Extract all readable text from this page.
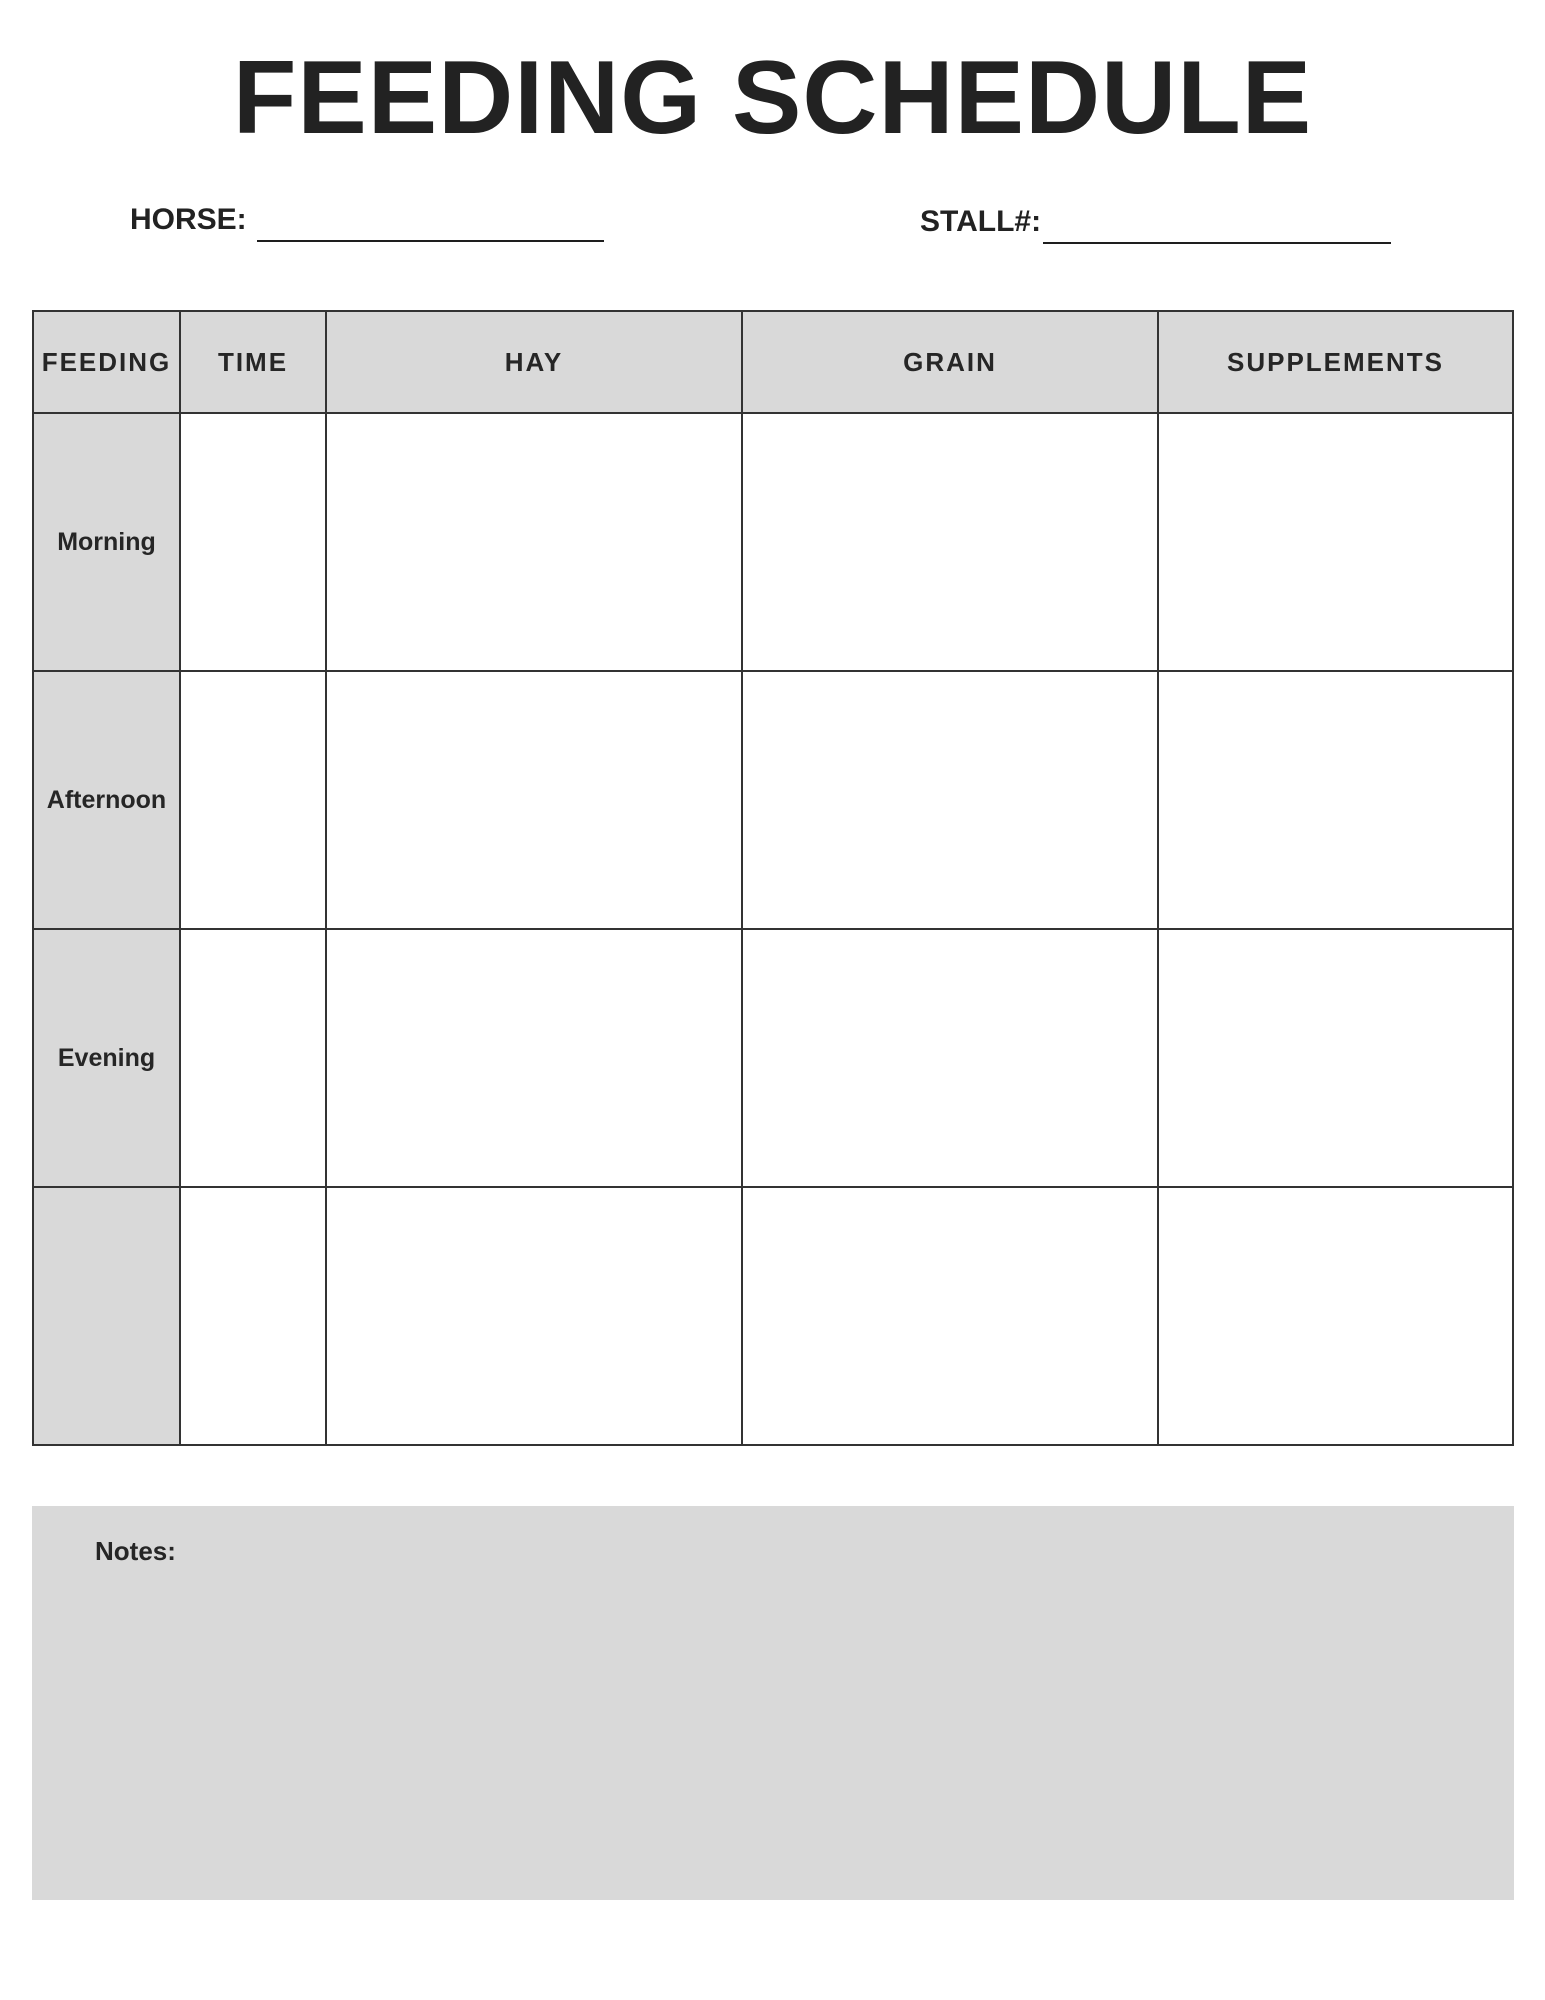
FEEDING SCHEDULE
HORSE:	STALL#:
FEEDING	TIME	HAY	GRAIN	SUPPLEMENTS
Morning				
Afternoon				
Evening				

Notes:
